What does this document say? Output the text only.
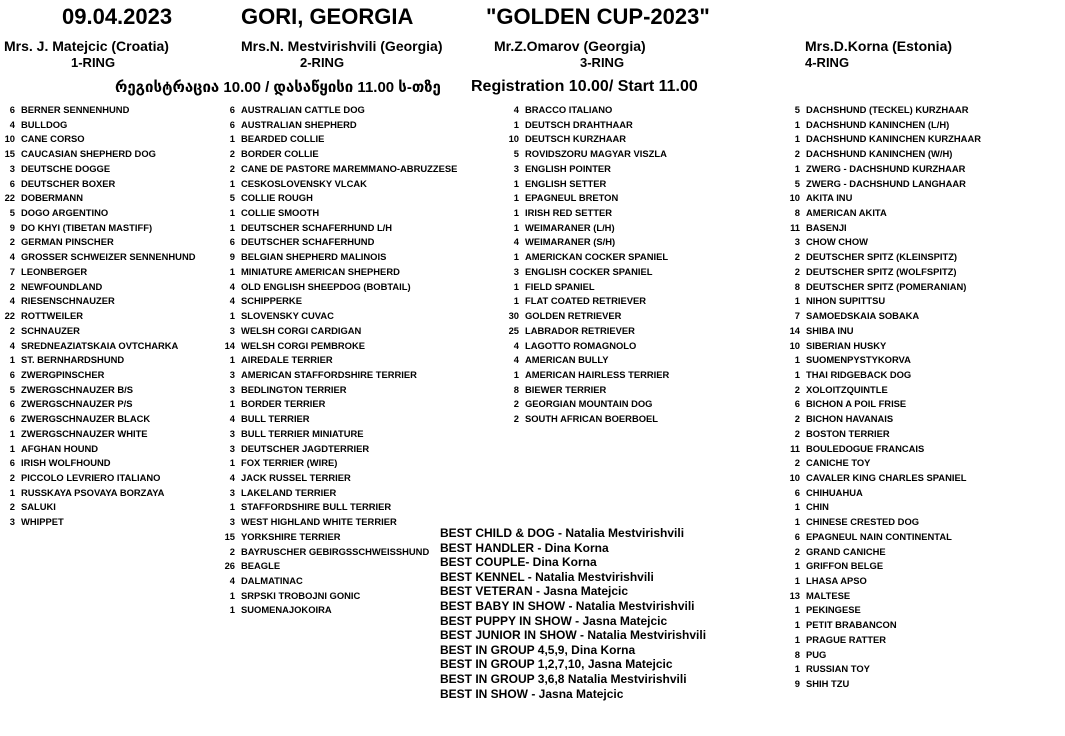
09.04.2023	GORI, GEORGIA	"GOLDEN CUP-2023"
Mrs. J. Matejcic (Croatia)
1-RING
Mrs.N. Mestvirishvili (Georgia)
2-RING
Mr.Z.Omarov (Georgia)
3-RING
Mrs.D.Korna (Estonia)
4-RING
რეგისტრაცია 10.00 / დასაწყისი 11.00 ს-თზე Registration 10.00/ Start 11.00
6 BERNER SENNENHUND
4 BULLDOG
10 CANE CORSO
15 CAUCASIAN SHEPHERD DOG
3 DEUTSCHE DOGGE
6 DEUTSCHER BOXER
22 DOBERMANN
5 DOGO ARGENTINO
9 DO KHYI (TIBETAN MASTIFF)
2 GERMAN PINSCHER
4 GROSSER SCHWEIZER SENNENHUND
7 LEONBERGER
2 NEWFOUNDLAND
4 RIESENSCHNAUZER
22 ROTTWEILER
2 SCHNAUZER
4 SREDNEAZIATSKAIA OVTCHARKA
1 ST. BERNHARDSHUND
6 ZWERGPINSCHER
5 ZWERGSCHNAUZER B/S
6 ZWERGSCHNAUZER P/S
6 ZWERGSCHNAUZER BLACK
1 ZWERGSCHNAUZER WHITE
1 AFGHAN HOUND
6 IRISH WOLFHOUND
2 PICCOLO LEVRIERO ITALIANO
1 RUSSKAYA PSOVAYA BORZAYA
2 SALUKI
3 WHIPPET
6 AUSTRALIAN CATTLE DOG
6 AUSTRALIAN SHEPHERD
1 BEARDED COLLIE
2 BORDER COLLIE
2 CANE DE PASTORE MAREMMANO-ABRUZZESE
1 CESKOSLOVENSKY VLCAK
5 COLLIE ROUGH
1 COLLIE SMOOTH
1 DEUTSCHER SCHAFERHUND L/H
6 DEUTSCHER SCHAFERHUND
9 BELGIAN SHEPHERD MALINOIS
1 MINIATURE AMERICAN SHEPHERD
4 OLD ENGLISH SHEEPDOG (BOBTAIL)
4 SCHIPPERKE
1 SLOVENSKY CUVAC
3 WELSH CORGI CARDIGAN
14 WELSH CORGI PEMBROKE
1 AIREDALE TERRIER
3 AMERICAN STAFFORDSHIRE TERRIER
3 BEDLINGTON TERRIER
1 BORDER TERRIER
4 BULL TERRIER
3 BULL TERRIER MINIATURE
3 DEUTSCHER JAGDTERRIER
1 FOX TERRIER (WIRE)
4 JACK RUSSEL TERRIER
3 LAKELAND TERRIER
1 STAFFORDSHIRE BULL TERRIER
3 WEST HIGHLAND WHITE TERRIER
15 YORKSHIRE TERRIER
2 BAYRUSCHER GEBIRGSSCHWEISSHUND
26 BEAGLE
4 DALMATINAC
1 SRPSKI TROBOJNI GONIC
1 SUOMENAJOKOIRA
4 BRACCO ITALIANO
1 DEUTSCH DRAHTHAAR
10 DEUTSCH KURZHAAR
5 ROVIDSZORU MAGYAR VISZLA
3 ENGLISH POINTER
1 ENGLISH SETTER
1 EPAGNEUL BRETON
1 IRISH RED SETTER
1 WEIMARANER (L/H)
4 WEIMARANER (S/H)
1 AMERICKAN COCKER SPANIEL
3 ENGLISH COCKER SPANIEL
1 FIELD SPANIEL
1 FLAT COATED RETRIEVER
30 GOLDEN RETRIEVER
25 LABRADOR RETRIEVER
4 LAGOTTO ROMAGNOLO
4 AMERICAN BULLY
1 AMERICAN HAIRLESS TERRIER
8 BIEWER TERRIER
2 GEORGIAN MOUNTAIN DOG
2 SOUTH AFRICAN BOERBOEL
5 DACHSHUND (TECKEL) KURZHAAR
1 DACHSHUND KANINCHEN (L/H)
1 DACHSHUND KANINCHEN KURZHAAR
2 DACHSHUND KANINCHEN (W/H)
1 ZWERG - DACHSHUND KURZHAAR
5 ZWERG - DACHSHUND LANGHAAR
10 AKITA INU
8 AMERICAN AKITA
11 BASENJI
3 CHOW CHOW
2 DEUTSCHER SPITZ (KLEINSPITZ)
2 DEUTSCHER SPITZ (WOLFSPITZ)
8 DEUTSCHER SPITZ (POMERANIAN)
1 NIHON SUPITTSU
7 SAMOEDSKAIA SOBAKA
14 SHIBA INU
10 SIBERIAN HUSKY
1 SUOMENPYSTYKORVA
1 THAI RIDGEBACK DOG
2 XOLOITZQUINTLE
6 BICHON A POIL FRISE
2 BICHON HAVANAIS
2 BOSTON TERRIER
11 BOULEDOGUE FRANCAIS
2 CANICHE TOY
10 CAVALER KING CHARLES SPANIEL
6 CHIHUAHUA
1 CHIN
1 CHINESE CRESTED DOG
6 EPAGNEUL NAIN CONTINENTAL
2 GRAND CANICHE
1 GRIFFON BELGE
1 LHASA APSO
13 MALTESE
1 PEKINGESE
1 PETIT BRABANCON
1 PRAGUE RATTER
8 PUG
1 RUSSIAN TOY
9 SHIH TZU
BEST CHILD & DOG - Natalia Mestvirishvili
BEST HANDLER - Dina Korna
BEST COUPLE- Dina Korna
BEST KENNEL - Natalia Mestvirishvili
BEST VETERAN - Jasna Matejcic
BEST BABY IN SHOW - Natalia Mestvirishvili
BEST PUPPY IN SHOW - Jasna Matejcic
BEST JUNIOR IN SHOW - Natalia Mestvirishvili
BEST IN GROUP 4,5,9, Dina Korna
BEST IN GROUP 1,2,7,10, Jasna Matejcic
BEST IN GROUP 3,6,8 Natalia Mestvirishvili
BEST IN SHOW - Jasna Matejcic
